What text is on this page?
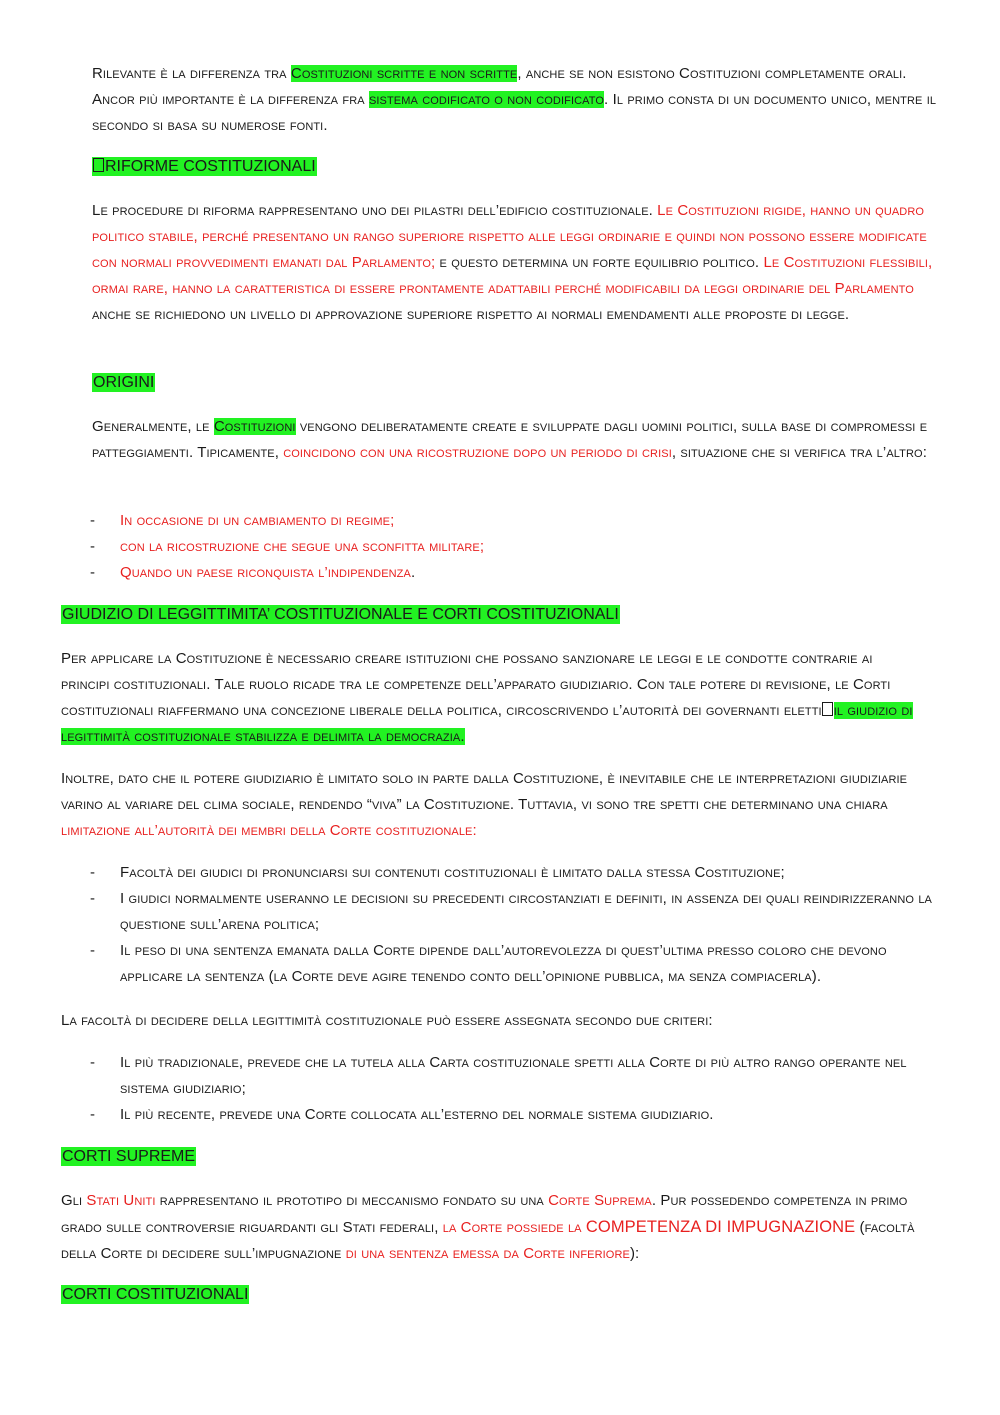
Rilevante è la differenza tra Costituzioni scritte e non scritte, anche se non esistono Costituzioni completamente orali. Ancor più importante è la differenza fra sistema codificato o non codificato. Il primo consta di un documento unico, mentre il secondo si basa su numerose fonti.
RIFORME COSTITUZIONALI
Le procedure di riforma rappresentano uno dei pilastri dell’edificio costituzionale. Le Costituzioni rigide, hanno un quadro politico stabile, perché presentano un rango superiore rispetto alle leggi ordinarie e quindi non possono essere modificate con normali provvedimenti emanati dal Parlamento; e questo determina un forte equilibrio politico. Le Costituzioni flessibili, ormai rare, hanno la caratteristica di essere prontamente adattabili perché modificabili da leggi ordinarie del Parlamento anche se richiedono un livello di approvazione superiore rispetto ai normali emendamenti alle proposte di legge.
ORIGINI
Generalmente, le Costituzioni vengono deliberatamente create e sviluppate dagli uomini politici, sulla base di compromessi e patteggiamenti. Tipicamente, coincidono con una ricostruzione dopo un periodo di crisi, situazione che si verifica tra l’altro:
- In occasione di un cambiamento di regime;
- con la ricostruzione che segue una sconfitta militare;
- Quando un paese riconquista l’indipendenza.
GIUDIZIO DI LEGGITTIMITA’ COSTITUZIONALE E CORTI COSTITUZIONALI
Per applicare la Costituzione è necessario creare istituzioni che possano sanzionare le leggi e le condotte contrarie ai principi costituzionali. Tale ruolo ricade tra le competenze dell’apparato giudiziario. Con tale potere di revisione, le Corti costituzionali riaffermano una concezione liberale della politica, circoscrivendo l’autorità dei governanti eletti il giudizio di legittimità costituzionale stabilizza e delimita la democrazia.
Inoltre, dato che il potere giudiziario è limitato solo in parte dalla Costituzione, è inevitabile che le interpretazioni giudiziarie varino al variare del clima sociale, rendendo “viva” la Costituzione. Tuttavia, vi sono tre spetti che determinano una chiara limitazione all’autorità dei membri della Corte costituzionale:
- Facoltà dei giudici di pronunciarsi sui contenuti costituzionali è limitato dalla stessa Costituzione;
- I giudici normalmente useranno le decisioni su precedenti circostanziati e definiti, in assenza dei quali reindirizzeranno la questione sull’arena politica;
- Il peso di una sentenza emanata dalla Corte dipende dall’autorevolezza di quest’ultima presso coloro che devono applicare la sentenza (la Corte deve agire tenendo conto dell’opinione pubblica, ma senza compiacerla).
La facoltà di decidere della legittimità costituzionale può essere assegnata secondo due criteri:
- Il più tradizionale, prevede che la tutela alla Carta costituzionale spetti alla Corte di più altro rango operante nel sistema giudiziario;
- Il più recente, prevede una Corte collocata all’esterno del normale sistema giudiziario.
CORTI SUPREME
Gli Stati Uniti rappresentano il prototipo di meccanismo fondato su una Corte Suprema. Pur possedendo competenza in primo grado sulle controversie riguardanti gli Stati federali, la Corte possiede la COMPETENZA DI IMPUGNAZIONE (facoltà della Corte di decidere sull’impugnazione di una sentenza emessa da Corte inferiore):
CORTI COSTITUZIONALI
